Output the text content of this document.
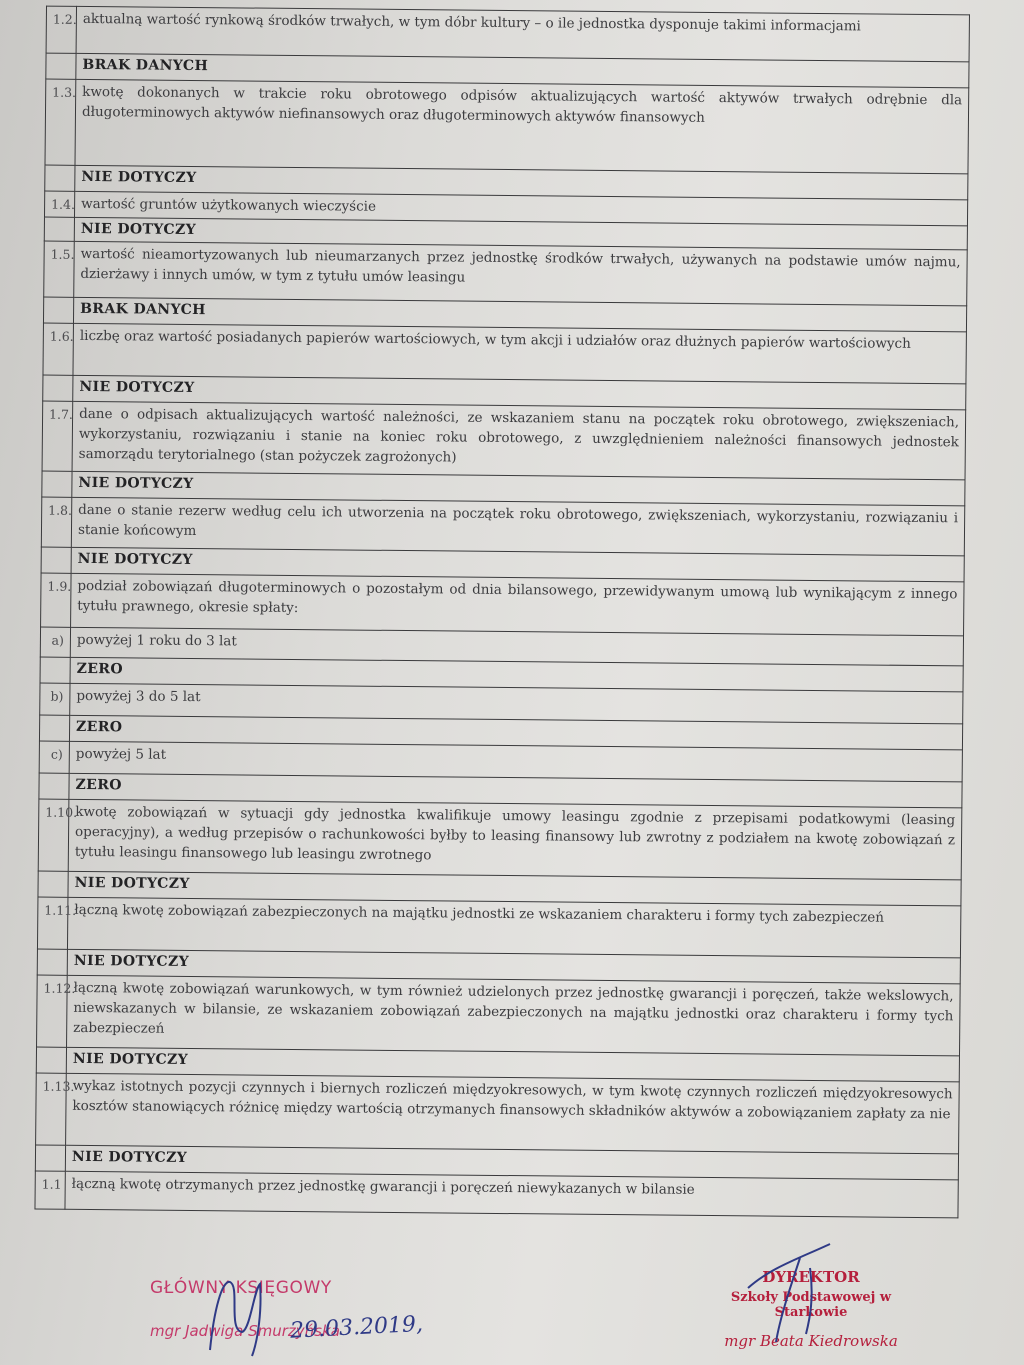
1.2.	aktualną wartość rynkową środków trwałych, w tym dóbr kultury – o ile jednostka dysponuje takimi informacjami
	BRAK DANYCH
1.3.	kwotę dokonanych w trakcie roku obrotowego odpisów aktualizujących wartość aktywów trwałych odrębnie dla długoterminowych aktywów niefinansowych oraz długoterminowych aktywów finansowych
	NIE DOTYCZY
1.4.	wartość gruntów użytkowanych wieczyście
	NIE DOTYCZY
1.5.	wartość nieamortyzowanych lub nieumarzanych przez jednostkę środków trwałych, używanych na podstawie umów najmu, dzierżawy i innych umów, w tym z tytułu umów leasingu
	BRAK DANYCH
1.6.	liczbę oraz wartość posiadanych papierów wartościowych, w tym akcji i udziałów oraz dłużnych papierów wartościowych
	NIE DOTYCZY
1.7.	dane o odpisach aktualizujących wartość należności, ze wskazaniem stanu na początek roku obrotowego, zwiększeniach, wykorzystaniu, rozwiązaniu i stanie na koniec roku obrotowego, z uwzględnieniem należności finansowych jednostek samorządu terytorialnego (stan pożyczek zagrożonych)
	NIE DOTYCZY
1.8.	dane o stanie rezerw według celu ich utworzenia na początek roku obrotowego, zwiększeniach, wykorzystaniu, rozwiązaniu i stanie końcowym
	NIE DOTYCZY
1.9.	podział zobowiązań długoterminowych o pozostałym od dnia bilansowego, przewidywanym umową lub wynikającym z innego tytułu prawnego, okresie spłaty:
a)	powyżej 1 roku do 3 lat
	ZERO
b)	powyżej 3 do 5 lat
	ZERO
c)	powyżej 5 lat
	ZERO
1.10.	kwotę zobowiązań w sytuacji gdy jednostka kwalifikuje umowy leasingu zgodnie z przepisami podatkowymi (leasing operacyjny), a według przepisów o rachunkowości byłby to leasing finansowy lub zwrotny z podziałem na kwotę zobowiązań z tytułu leasingu finansowego lub leasingu zwrotnego
	NIE DOTYCZY
1.11.	łączną kwotę zobowiązań zabezpieczonych na majątku jednostki ze wskazaniem charakteru i formy tych zabezpieczeń
	NIE DOTYCZY
1.12.	łączną kwotę zobowiązań warunkowych, w tym również udzielonych przez jednostkę gwarancji i poręczeń, także wekslowych, niewskazanych w bilansie, ze wskazaniem zobowiązań zabezpieczonych na majątku jednostki oraz charakteru i formy tych zabezpieczeń
	NIE DOTYCZY
1.13.	wykaz istotnych pozycji czynnych i biernych rozliczeń międzyokresowych, w tym kwotę czynnych rozliczeń międzyokresowych kosztów stanowiących różnicę między wartością otrzymanych finansowych składników aktywów a zobowiązaniem zapłaty za nie
	NIE DOTYCZY
1.1	łączną kwotę otrzymanych przez jednostkę gwarancji i poręczeń niewykazanych w bilansie
GŁÓWNY KSIĘGOWY
mgr Jadwiga Smurzyńska
29.03.2019,
DYREKTOR
Szkoły Podstawowej w Starkowie
mgr Beata Kiedrowska
